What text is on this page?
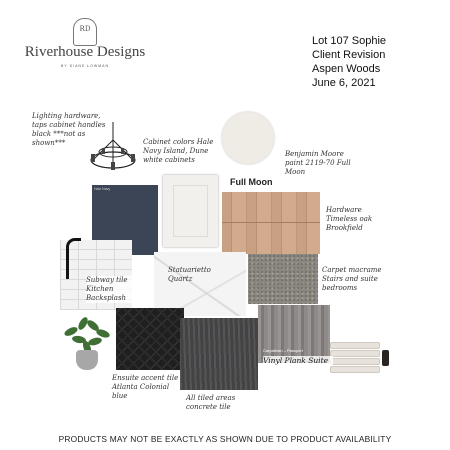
RD
Riverhouse Designs
BY DIANE LOWMAN
Lot 107 Sophie
Client Revision
Aspen Woods
June 6, 2021
Lighting hardware, taps cabinet handles black ***not as shown***	Cabinet colors Hale Navy Island, Dune white cabinets
Benjamin Moore paint 2119-70 Full Moon
Hardware Timeless oak Brookfield
Subway tile Kitchen Backsplash
Statuarietto Quartz
Carpet macrame Stairs and suite bedrooms
Ensuite accent tile Atlanta Colonial blue	All tiled areas concrete tile
Hale Navy
Full Moon
Carpathian – Passport
Vinyl Plank Suite
PRODUCTS MAY NOT BE EXACTLY AS SHOWN DUE TO PRODUCT AVAILABILITY
